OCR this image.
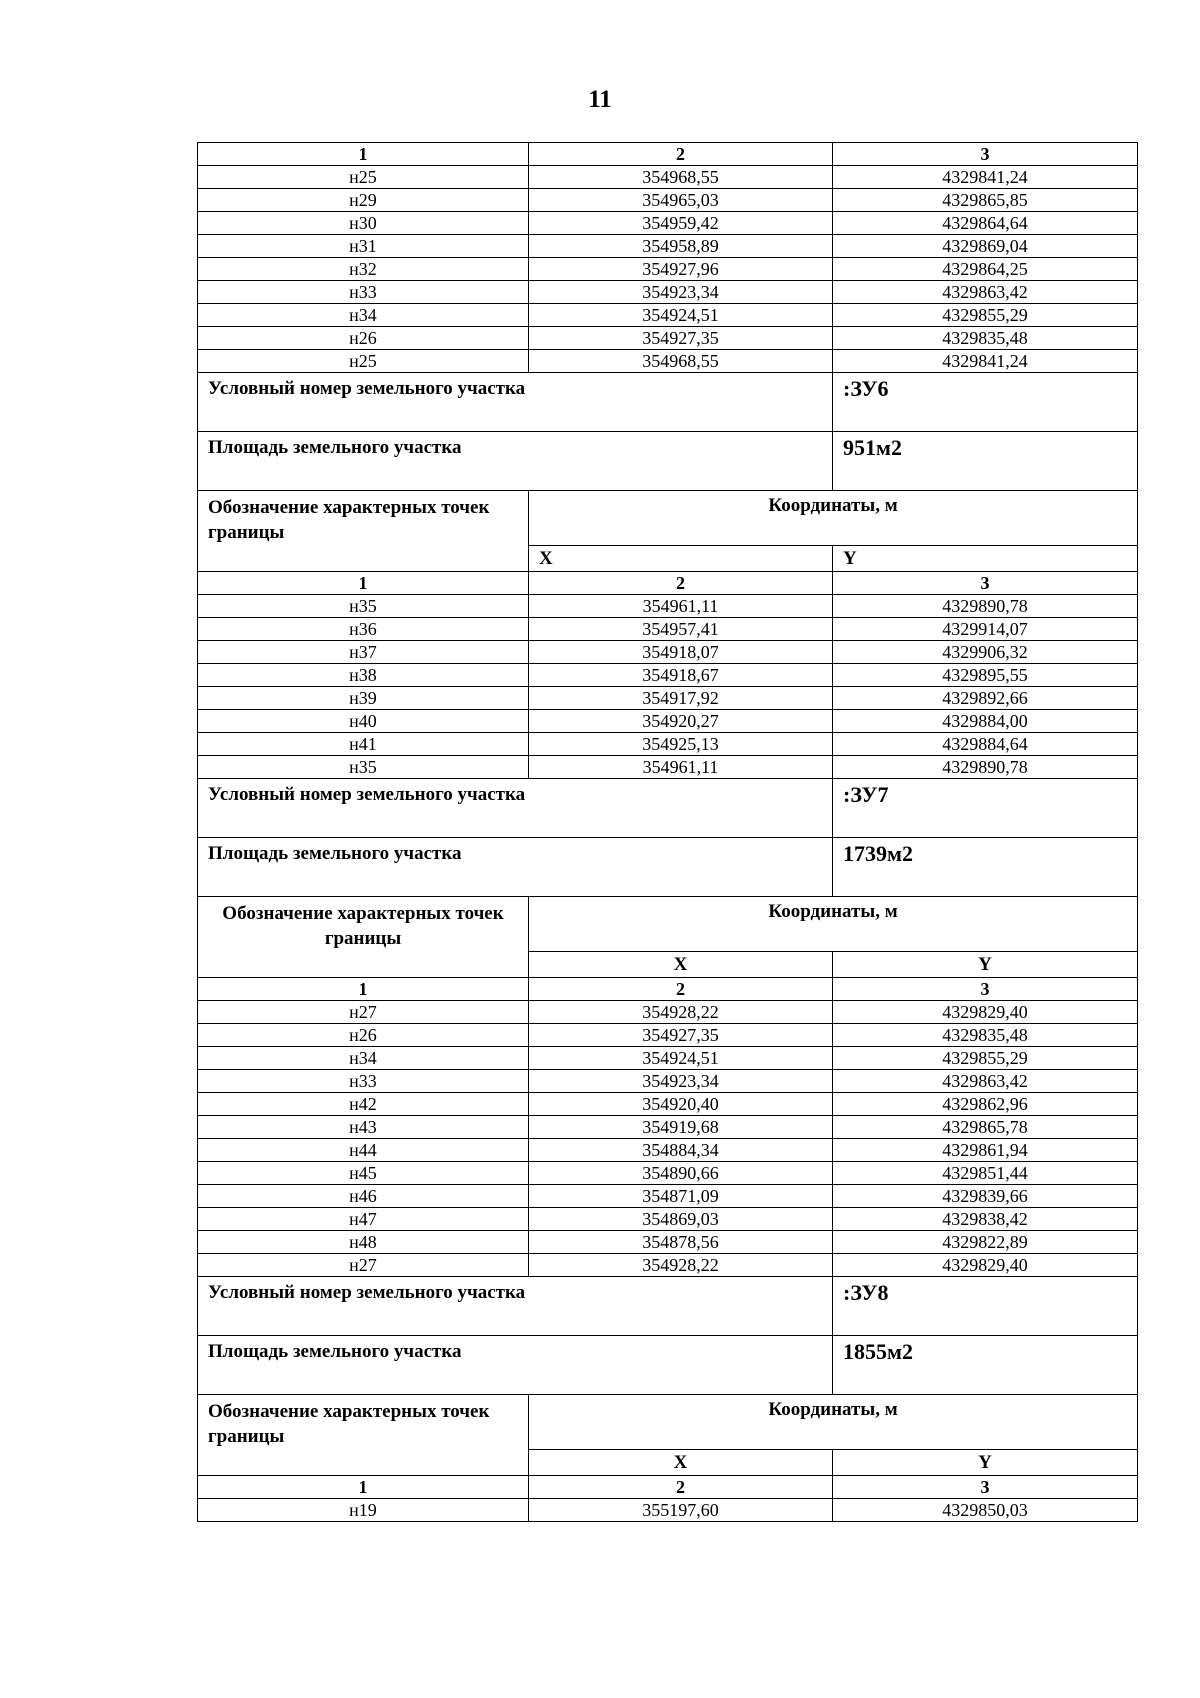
11
1	2	3
н25	354968,55	4329841,24
н29	354965,03	4329865,85
н30	354959,42	4329864,64
н31	354958,89	4329869,04
н32	354927,96	4329864,25
н33	354923,34	4329863,42
н34	354924,51	4329855,29
н26	354927,35	4329835,48
н25	354968,55	4329841,24
Условный номер земельного участка		:ЗУ6
Площадь земельного участка		951м2
Обозначение характерных точек границы	Координаты, м	
	X	Y
1	2	3
н35	354961,11	4329890,78
н36	354957,41	4329914,07
н37	354918,07	4329906,32
н38	354918,67	4329895,55
н39	354917,92	4329892,66
н40	354920,27	4329884,00
н41	354925,13	4329884,64
н35	354961,11	4329890,78
Условный номер земельного участка		:ЗУ7
Площадь земельного участка		1739м2
Обозначение характерных точек границы	Координаты, м	
	X	Y
1	2	3
н27	354928,22	4329829,40
н26	354927,35	4329835,48
н34	354924,51	4329855,29
н33	354923,34	4329863,42
н42	354920,40	4329862,96
н43	354919,68	4329865,78
н44	354884,34	4329861,94
н45	354890,66	4329851,44
н46	354871,09	4329839,66
н47	354869,03	4329838,42
н48	354878,56	4329822,89
н27	354928,22	4329829,40
Условный номер земельного участка		:ЗУ8
Площадь земельного участка		1855м2
Обозначение характерных точек границы	Координаты, м	
	X	Y
1	2	3
н19	355197,60	4329850,03
